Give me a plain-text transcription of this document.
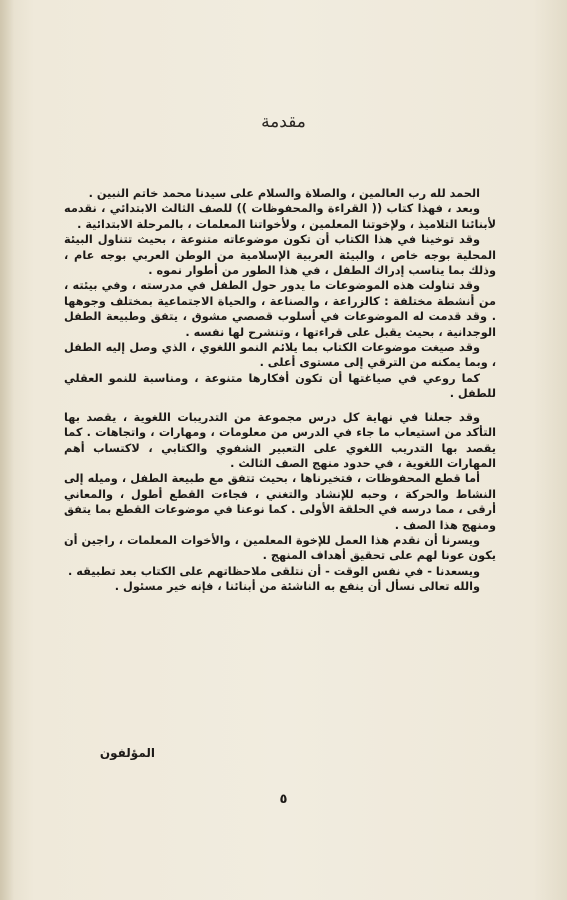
مقدمة

الحمد لله رب العالمين ، والصلاة والسلام على سيدنا محمد خاتم النبين .

وبعد ، فهذا كتاب (( القراءة والمحفوظات )) للصف الثالث الابتدائي ، نقدمه لأبنائنا التلاميذ ، ولإخوتنا المعلمين ، ولأخواتنا المعلمات ، بالمرحلة الابتدائية .

وقد توخينا في هذا الكتاب أن تكون موضوعاته متنوعة ، بحيث تتناول البيئة المحلية بوجه خاص ، والبيئة العربية الإسلامية من الوطن العربي بوجه عام ، وذلك بما يناسب إدراك الطفل ، في هذا الطور من أطوار نموه .

وقد تناولت هذه الموضوعات ما يدور حول الطفل في مدرسته ، وفي بيئته ، من أنشطة مختلفة : كالزراعة ، والصناعة ، والحياة الاجتماعية بمختلف وجوهها . وقد قدمت له الموضوعات في أسلوب قصصي مشوق ، يتفق وطبيعة الطفل الوجدانية ، بحيث يقبل على قراءتها ، وتنشرح لها نفسه .

وقد صيغت موضوعات الكتاب بما يلائم النمو اللغوي ، الذي وصل إليه الطفل ، وبما يمكنه من الترقي إلى مستوى أعلى .

كما روعي في صياغتها أن تكون أفكارها متنوعة ، ومناسبة للنمو العقلي للطفل .

وقد جعلنا في نهاية كل درس مجموعة من التدريبات اللغوية ، يقصد بها التأكد من استيعاب ما جاء في الدرس من معلومات ، ومهارات ، واتجاهات . كما يقصد بها التدريب اللغوي على التعبير الشفوي والكتابي ، لاكتساب أهم المهارات اللغوية ، في حدود منهج الصف الثالث .

أما قطع المحفوظات ، فتخيرناها ، بحيث تتفق مع طبيعة الطفل ، وميله إلى النشاط والحركة ، وحبه للإنشاد والتغني ، فجاءت القطع أطول ، والمعاني أرقى ، مما درسه في الحلقة الأولى . كما نوعنا في موضوعات القطع بما يتفق ومنهج هذا الصف .

ويسرنا أن نقدم هذا العمل للإخوة المعلمين ، والأخوات المعلمات ، راجين أن يكون عونا لهم على تحقيق أهداف المنهج .

ويسعدنا - في نفس الوقت - أن نتلقى ملاحظاتهم على الكتاب بعد تطبيقه .

والله تعالى نسأل أن ينفع به الناشئة من أبنائنا ، فإنه خير مسئول .

المؤلفون
٥
